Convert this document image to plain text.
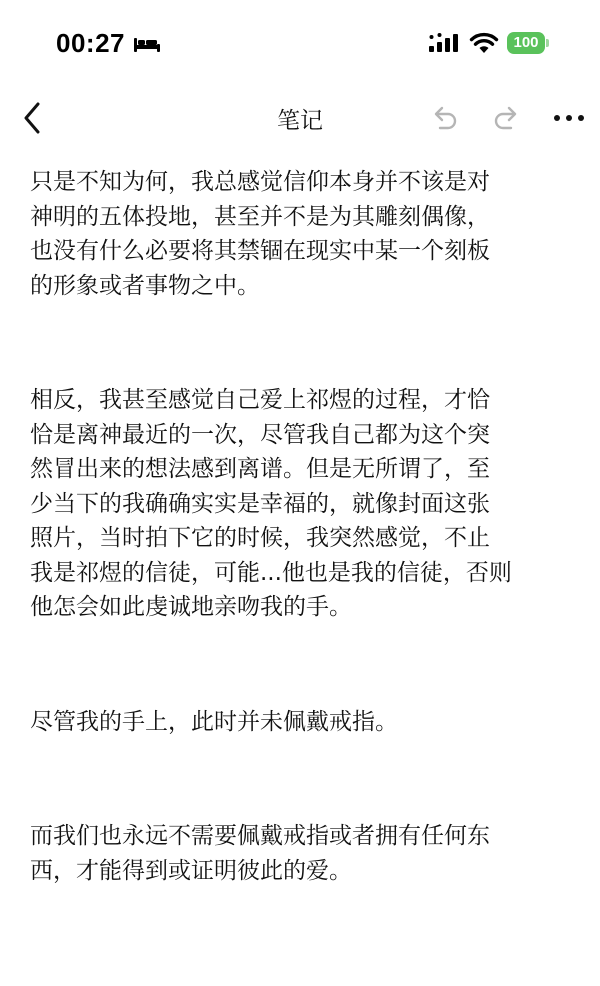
00:27	100
笔记

只是不知为何，我总感觉信仰本身并不该是对
神明的五体投地，甚至并不是为其雕刻偶像，
也没有什么必要将其禁锢在现实中某一个刻板
的形象或者事物之中。

相反，我甚至感觉自己爱上祁煜的过程，才恰
恰是离神最近的一次，尽管我自己都为这个突
然冒出来的想法感到离谱。但是无所谓了，至
少当下的我确确实实是幸福的，就像封面这张
照片，当时拍下它的时候，我突然感觉，不止
我是祁煜的信徒，可能...他也是我的信徒，否则
他怎会如此虔诚地亲吻我的手。

尽管我的手上，此时并未佩戴戒指。

而我们也永远不需要佩戴戒指或者拥有任何东
西，才能得到或证明彼此的爱。
